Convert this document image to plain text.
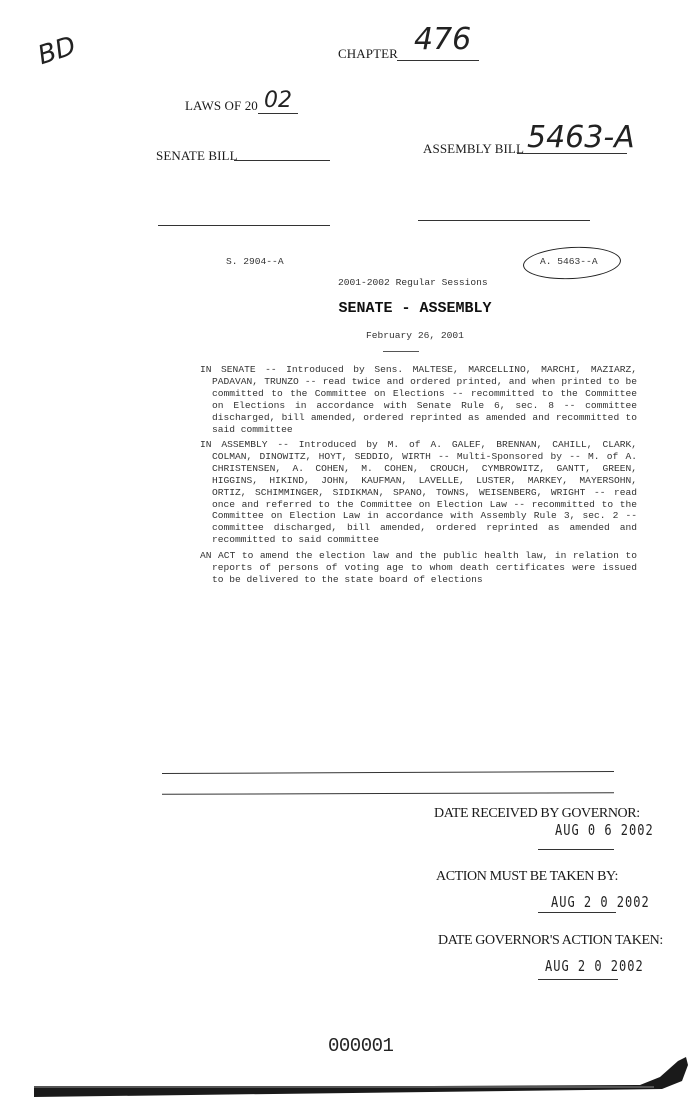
BD	CHAPTER 476
LAWS OF 20 02
SENATE BILL	ASSEMBLY BILL 5463-A
S. 2904--A	A. 5463--A
2001-2002 Regular Sessions
SENATE - ASSEMBLY
February 26, 2001
IN SENATE -- Introduced by Sens. MALTESE, MARCELLINO, MARCHI, MAZIARZ, PADAVAN, TRUNZO -- read twice and ordered printed, and when printed to be committed to the Committee on Elections -- recommitted to the Committee on Elections in accordance with Senate Rule 6, sec. 8 -- committee discharged, bill amended, ordered reprinted as amended and recommitted to said committee
IN ASSEMBLY -- Introduced by M. of A. GALEF, BRENNAN, CAHILL, CLARK, COLMAN, DINOWITZ, HOYT, SEDDIO, WIRTH -- Multi-Sponsored by -- M. of A. CHRISTENSEN, A. COHEN, M. COHEN, CROUCH, CYMBROWITZ, GANTT, GREEN, HIGGINS, HIKIND, JOHN, KAUFMAN, LAVELLE, LUSTER, MARKEY, MAYERSOHN, ORTIZ, SCHIMMINGER, SIDIKMAN, SPANO, TOWNS, WEISENBERG, WRIGHT -- read once and referred to the Committee on Election Law -- recommitted to the Committee on Election Law in accordance with Assembly Rule 3, sec. 2 -- committee discharged, bill amended, ordered reprinted as amended and recommitted to said committee
AN ACT to amend the election law and the public health law, in relation to reports of persons of voting age to whom death certificates were issued to be delivered to the state board of elections
DATE RECEIVED BY GOVERNOR:
AUG 0 6 2002
ACTION MUST BE TAKEN BY:
AUG 2 0 2002
DATE GOVERNOR'S ACTION TAKEN:
AUG 2 0 2002
000001
